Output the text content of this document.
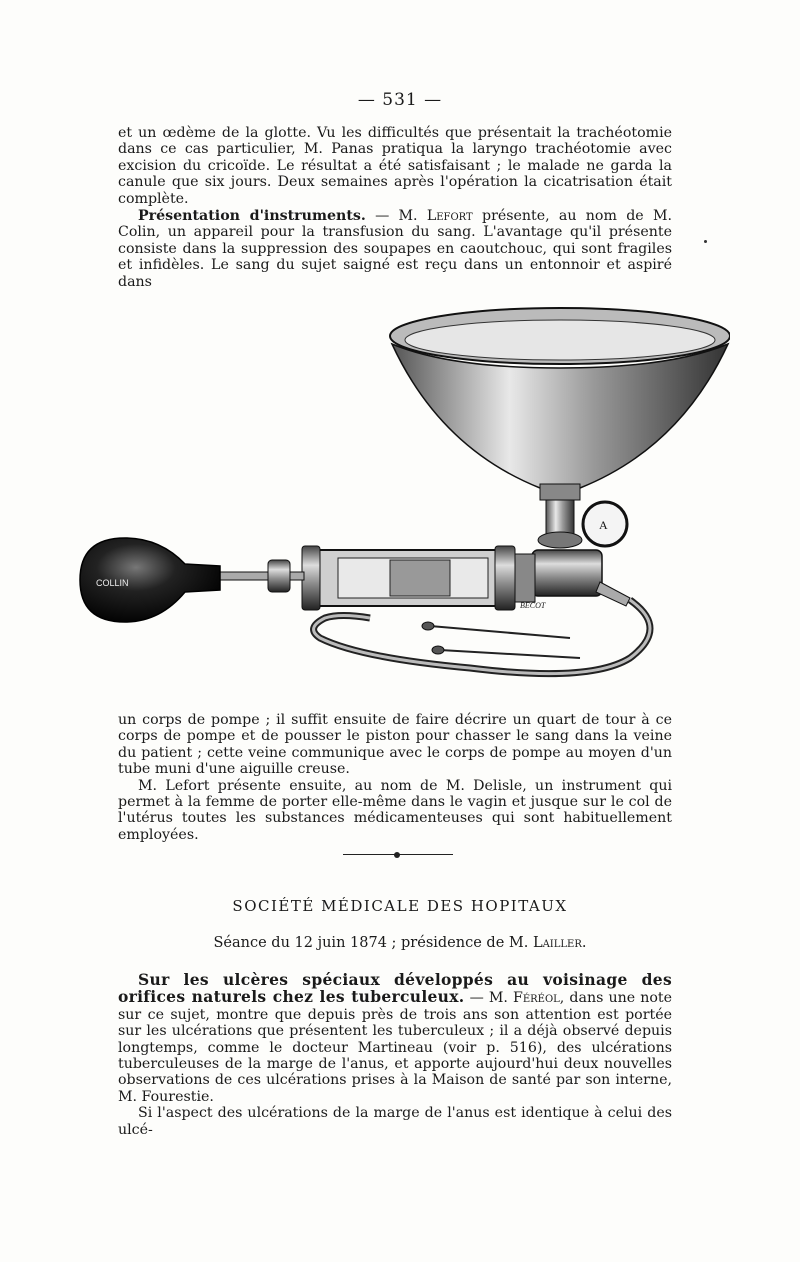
— 531 —

et un œdème de la glotte. Vu les difficultés que présentait la trachéotomie dans ce cas particulier, M. Panas pratiqua la laryngo trachéotomie avec excision du cricoïde. Le résultat a été satisfaisant ; le malade ne garda la canule que six jours. Deux semaines après l'opération la cicatrisation était complète.

Présentation d'instruments. — M. Lefort présente, au nom de M. Colin, un appareil pour la transfusion du sang. L'avantage qu'il présente consiste dans la suppression des soupapes en caoutchouc, qui sont fragiles et infidèles. Le sang du sujet saigné est reçu dans un entonnoir et aspiré dans

A
COLLIN
BECOT

un corps de pompe ; il suffit ensuite de faire décrire un quart de tour à ce corps de pompe et de pousser le piston pour chasser le sang dans la veine du patient ; cette veine communique avec le corps de pompe au moyen d'un tube muni d'une aiguille creuse.

M. Lefort présente ensuite, au nom de M. Delisle, un instrument qui permet à la femme de porter elle-même dans le vagin et jusque sur le col de l'utérus toutes les substances médicamenteuses qui sont habituellement employées.

SOCIÉTÉ MÉDICALE DES HOPITAUX
Séance du 12 juin 1874 ; présidence de M. Lailler.

Sur les ulcères spéciaux développés au voisinage des orifices naturels chez les tuberculeux. — M. Féréol, dans une note sur ce sujet, montre que depuis près de trois ans son attention est portée sur les ulcérations que présentent les tuberculeux ; il a déjà observé depuis longtemps, comme le docteur Martineau (voir p. 516), des ulcérations tuberculeuses de la marge de l'anus, et apporte aujourd'hui deux nouvelles observations de ces ulcérations prises à la Maison de santé par son interne, M. Fourestie.

Si l'aspect des ulcérations de la marge de l'anus est identique à celui des ulcé-
